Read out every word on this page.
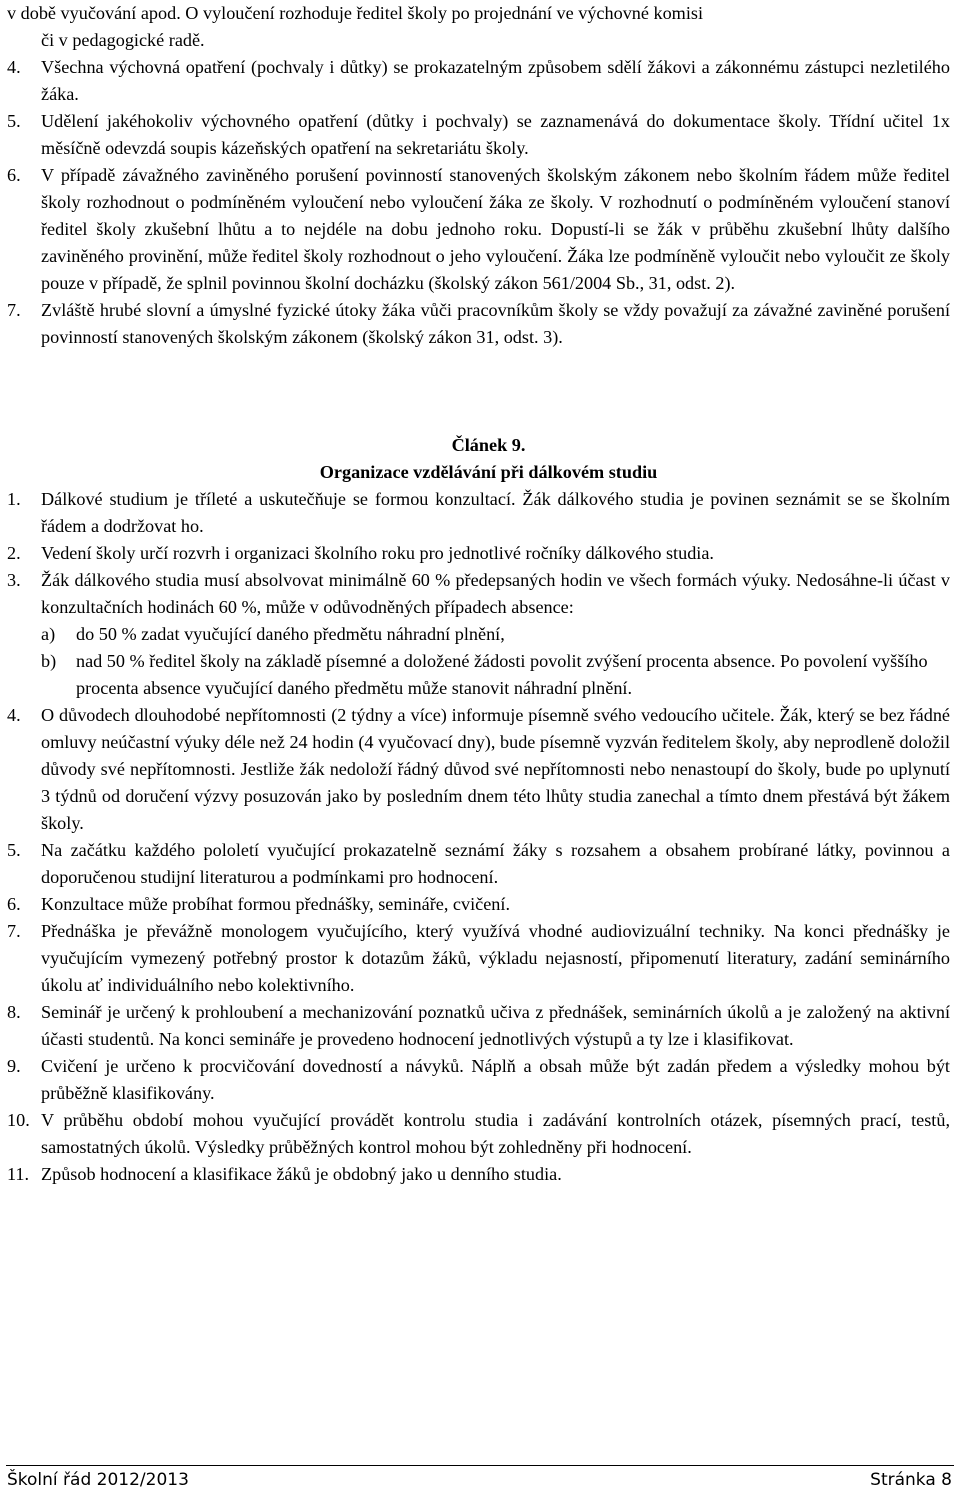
v době vyučování apod. O vyloučení rozhoduje ředitel školy po projednání ve výchovné komisi
či v pedagogické radě.
4. Všechna výchovná opatření (pochvaly i důtky) se prokazatelným způsobem sdělí žákovi a zákonnému zástupci nezletilého žáka.
5. Udělení jakéhokoliv výchovného opatření (důtky i pochvaly) se zaznamenává do dokumentace školy. Třídní učitel 1x měsíčně odevzdá soupis kázeňských opatření na sekretariátu školy.
6. V případě závažného zaviněného porušení povinností stanovených školským zákonem nebo školním řádem může ředitel školy rozhodnout o podmíněném vyloučení nebo vyloučení žáka ze školy. V rozhodnutí o podmíněném vyloučení stanoví ředitel školy zkušební lhůtu a to nejdéle na dobu jednoho roku. Dopustí-li se žák v průběhu zkušební lhůty dalšího zaviněného provinění, může ředitel školy rozhodnout o jeho vyloučení. Žáka lze podmíněně vyloučit nebo vyloučit ze školy pouze v případě, že splnil povinnou školní docházku (školský zákon 561/2004 Sb., 31, odst. 2).
7. Zvláště hrubé slovní a úmyslné fyzické útoky žáka vůči pracovníkům školy se vždy považují za závažné zaviněné porušení povinností stanovených školským zákonem (školský zákon 31, odst. 3).
Článek 9.
Organizace vzdělávání při dálkovém studiu
1. Dálkové studium je tříleté a uskutečňuje se formou konzultací. Žák dálkového studia je povinen seznámit se se školním řádem a dodržovat ho.
2. Vedení školy určí rozvrh i organizaci školního roku pro jednotlivé ročníky dálkového studia.
3. Žák dálkového studia musí absolvovat minimálně 60 % předepsaných hodin ve všech formách výuky. Nedosáhne-li účast v konzultačních hodinách 60 %, může v odůvodněných případech absence:
a) do 50 % zadat vyučující daného předmětu náhradní plnění,
b) nad 50 % ředitel školy na základě písemné a doložené žádosti povolit zvýšení procenta absence. Po povolení vyššího procenta absence vyučující daného předmětu může stanovit náhradní plnění.
4. O důvodech dlouhodobé nepřítomnosti (2 týdny a více) informuje písemně svého vedoucího učitele. Žák, který se bez řádné omluvy neúčastní výuky déle než 24 hodin (4 vyučovací dny), bude písemně vyzván ředitelem školy, aby neprodleně doložil důvody své nepřítomnosti. Jestliže žák nedoloží řádný důvod své nepřítomnosti nebo nenastoupí do školy, bude po uplynutí 3 týdnů od doručení výzvy posuzován jako by posledním dnem této lhůty studia zanechal a tímto dnem přestává být žákem školy.
5. Na začátku každého pololetí vyučující prokazatelně seznámí žáky s rozsahem a obsahem probírané látky, povinnou a doporučenou studijní literaturou a podmínkami pro hodnocení.
6. Konzultace může probíhat formou přednášky, semináře, cvičení.
7. Přednáška je převážně monologem vyučujícího, který využívá vhodné audiovizuální techniky. Na konci přednášky je vyučujícím vymezený potřebný prostor k dotazům žáků, výkladu nejasností, připomenutí literatury, zadání seminárního úkolu ať individuálního nebo kolektivního.
8. Seminář je určený k prohloubení a mechanizování poznatků učiva z přednášek, seminárních úkolů a je založený na aktivní účasti studentů. Na konci semináře je provedeno hodnocení jednotlivých výstupů a ty lze i klasifikovat.
9. Cvičení je určeno k procvičování dovedností a návyků. Náplň a obsah může být zadán předem a výsledky mohou být průběžně klasifikovány.
10. V průběhu období mohou vyučující provádět kontrolu studia i zadávání kontrolních otázek, písemných prací, testů, samostatných úkolů. Výsledky průběžných kontrol mohou být zohledněny při hodnocení.
11. Způsob hodnocení a klasifikace žáků je obdobný jako u denního studia.
Školní řád 2012/2013	Stránka 8
